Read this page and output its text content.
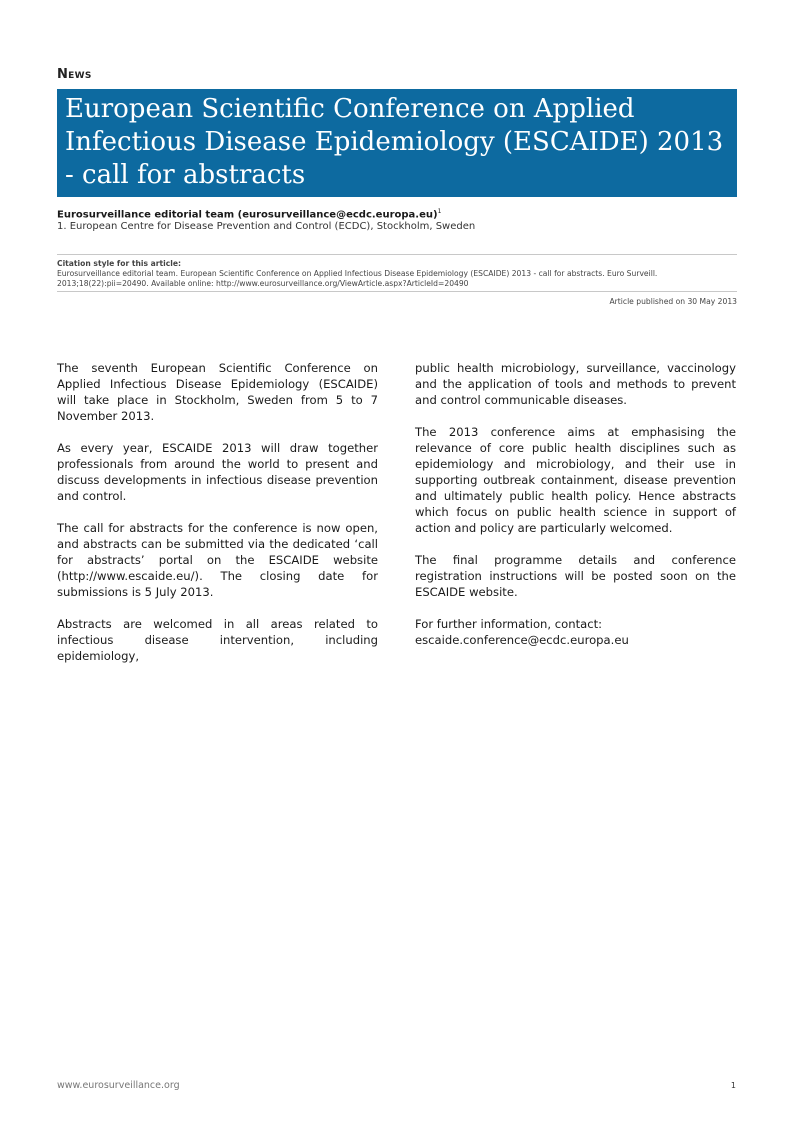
News
European Scientific Conference on Applied Infectious Disease Epidemiology (ESCAIDE) 2013 - call for abstracts
Eurosurveillance editorial team (eurosurveillance@ecdc.europa.eu)$^1$
1. European Centre for Disease Prevention and Control (ECDC), Stockholm, Sweden
Citation style for this article:
Eurosurveillance editorial team. European Scientific Conference on Applied Infectious Disease Epidemiology (ESCAIDE) 2013 - call for abstracts. Euro Surveill. 2013;18(22):pii=20490. Available online: http://www.eurosurveillance.org/ViewArticle.aspx?ArticleId=20490
Article published on 30 May 2013

The seventh European Scientific Conference on Applied Infectious Disease Epidemiology (ESCAIDE) will take place in Stockholm, Sweden from 5 to 7 November 2013.

As every year, ESCAIDE 2013 will draw together professionals from around the world to present and discuss developments in infectious disease prevention and control.

The call for abstracts for the conference is now open, and abstracts can be submitted via the dedicated ‘call for abstracts’ portal on the ESCAIDE website (http://www.escaide.eu/). The closing date for submissions is 5 July 2013.

Abstracts are welcomed in all areas related to infectious disease intervention, including epidemiology,

public health microbiology, surveillance, vaccinology and the application of tools and methods to prevent and control communicable diseases.

The 2013 conference aims at emphasising the relevance of core public health disciplines such as epidemiology and microbiology, and their use in supporting outbreak containment, disease prevention and ultimately public health policy. Hence abstracts which focus on public health science in support of action and policy are particularly welcomed.

The final programme details and conference registration instructions will be posted soon on the ESCAIDE website.

For further information, contact:
escaide.conference@ecdc.europa.eu

www.eurosurveillance.org	1
